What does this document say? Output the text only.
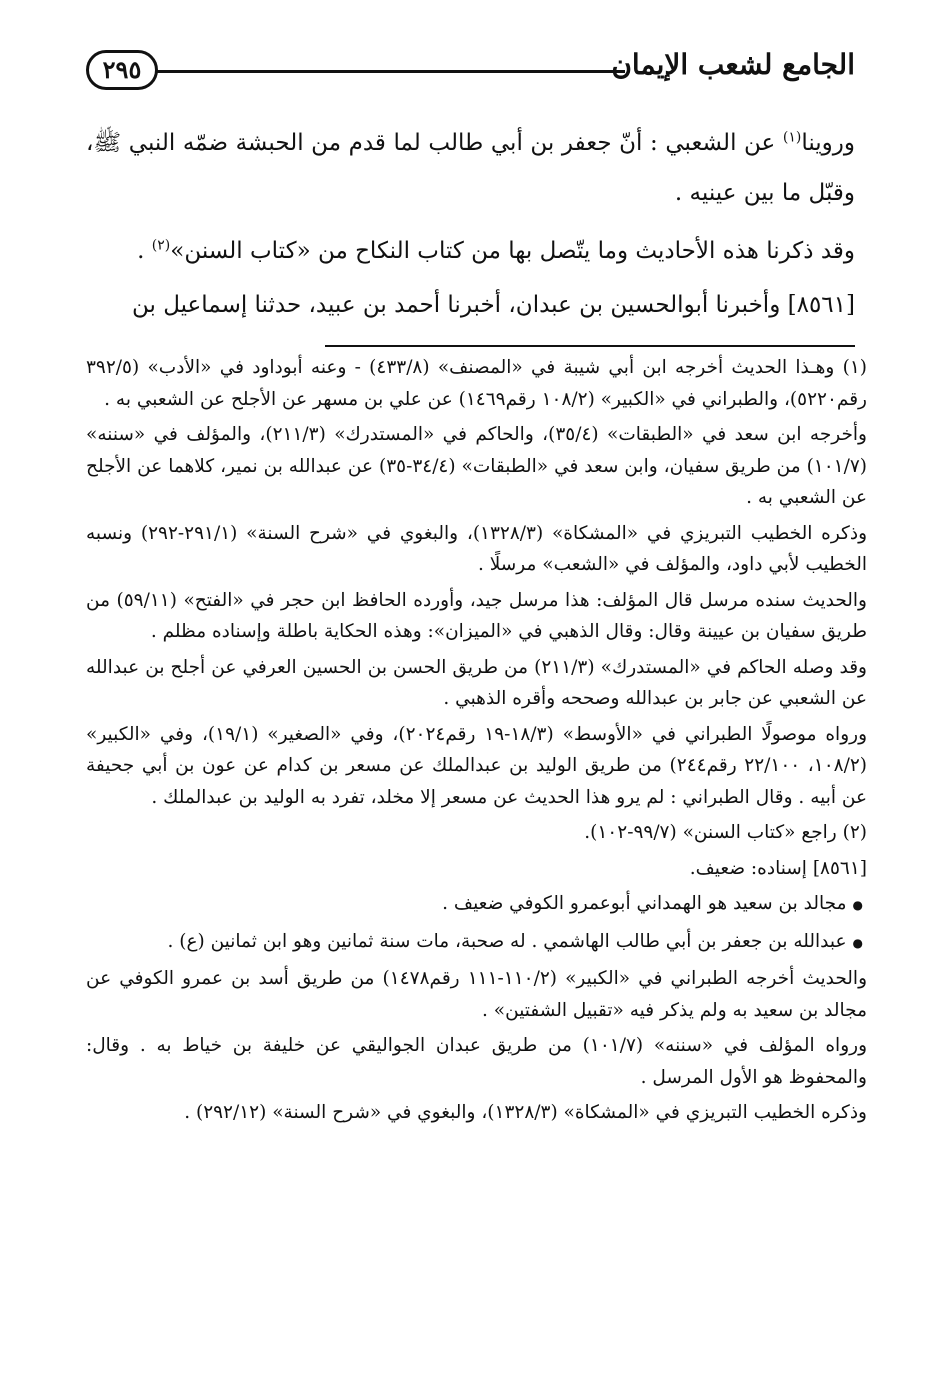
الجامع لشعب الإيمان
٢٩٥

وروينا$^{(١)}$ عن الشعبي : أنّ جعفر بن أبي طالب لما قدم من الحبشة ضمّه النبي ﷺ، وقبّل ما بين عينيه .

وقد ذكرنا هذه الأحاديث وما يتّصل بها من كتاب النكاح من «كتاب السنن»$^{(٢)}$ .

[٨٥٦١] وأخبرنا أبوالحسين بن عبدان، أخبرنا أحمد بن عبيد، حدثنا إسماعيل بن

(١) وهـذا الحديث أخرجه ابن أبي شيبة في «المصنف» (٤٣٣/٨) - وعنه أبوداود في «الأدب» (٣٩٢/٥ رقم٥٢٢٠)، والطبراني في «الكبير» (١٠٨/٢ رقم١٤٦٩) عن علي بن مسهر عن الأجلح عن الشعبي به .

وأخرجه ابن سعد في «الطبقات» (٣٥/٤)، والحاكم في «المستدرك» (٢١١/٣)، والمؤلف في «سننه» (١٠١/٧) من طريق سفيان، وابن سعد في «الطبقات» (٣٤/٤-٣٥) عن عبدالله بن نمير، كلاهما عن الأجلح عن الشعبي به .

وذكره الخطيب التبريزي في «المشكاة» (١٣٢٨/٣)، والبغوي في «شرح السنة» (٢٩١/١-٢٩٢) ونسبه الخطيب لأبي داود، والمؤلف في «الشعب» مرسلًا .

والحديث سنده مرسل قال المؤلف: هذا مرسل جيد، وأورده الحافظ ابن حجر في «الفتح» (٥٩/١١) من طريق سفيان بن عيينة وقال: وقال الذهبي في «الميزان»: وهذه الحكاية باطلة وإسناده مظلم .

وقد وصله الحاكم في «المستدرك» (٢١١/٣) من طريق الحسن بن الحسين العرفي عن أجلح بن عبدالله عن الشعبي عن جابر بن عبدالله وصححه وأقره الذهبي .

ورواه موصولًا الطبراني في «الأوسط» (١٨/٣-١٩ رقم٢٠٢٤)، وفي «الصغير» (١٩/١)، وفي «الكبير» (١٠٨/٢، ٢٢/١٠٠ رقم٢٤٤) من طريق الوليد بن عبدالملك عن مسعر بن كدام عن عون بن أبي جحيفة عن أبيه . وقال الطبراني : لم يرو هذا الحديث عن مسعر إلا مخلد، تفرد به الوليد بن عبدالملك .

(٢) راجع «كتاب السنن» (٩٩/٧-١٠٢).

[٨٥٦١] إسناده: ضعيف.

● مجالد بن سعيد هو الهمداني أبوعمرو الكوفي ضعيف .

● عبدالله بن جعفر بن أبي طالب الهاشمي . له صحبة، مات سنة ثمانين وهو ابن ثمانين (ع) .

والحديث أخرجه الطبراني في «الكبير» (١١٠/٢-١١١ رقم١٤٧٨) من طريق أسد بن عمرو الكوفي عن مجالد بن سعيد به ولم يذكر فيه «تقبيل الشفتين» .

ورواه المؤلف في «سننه» (١٠١/٧) من طريق عبدان الجواليقي عن خليفة بن خياط به . وقال: والمحفوظ هو الأول المرسل .

وذكره الخطيب التبريزي في «المشكاة» (١٣٢٨/٣)، والبغوي في «شرح السنة» (٢٩٢/١٢) .
